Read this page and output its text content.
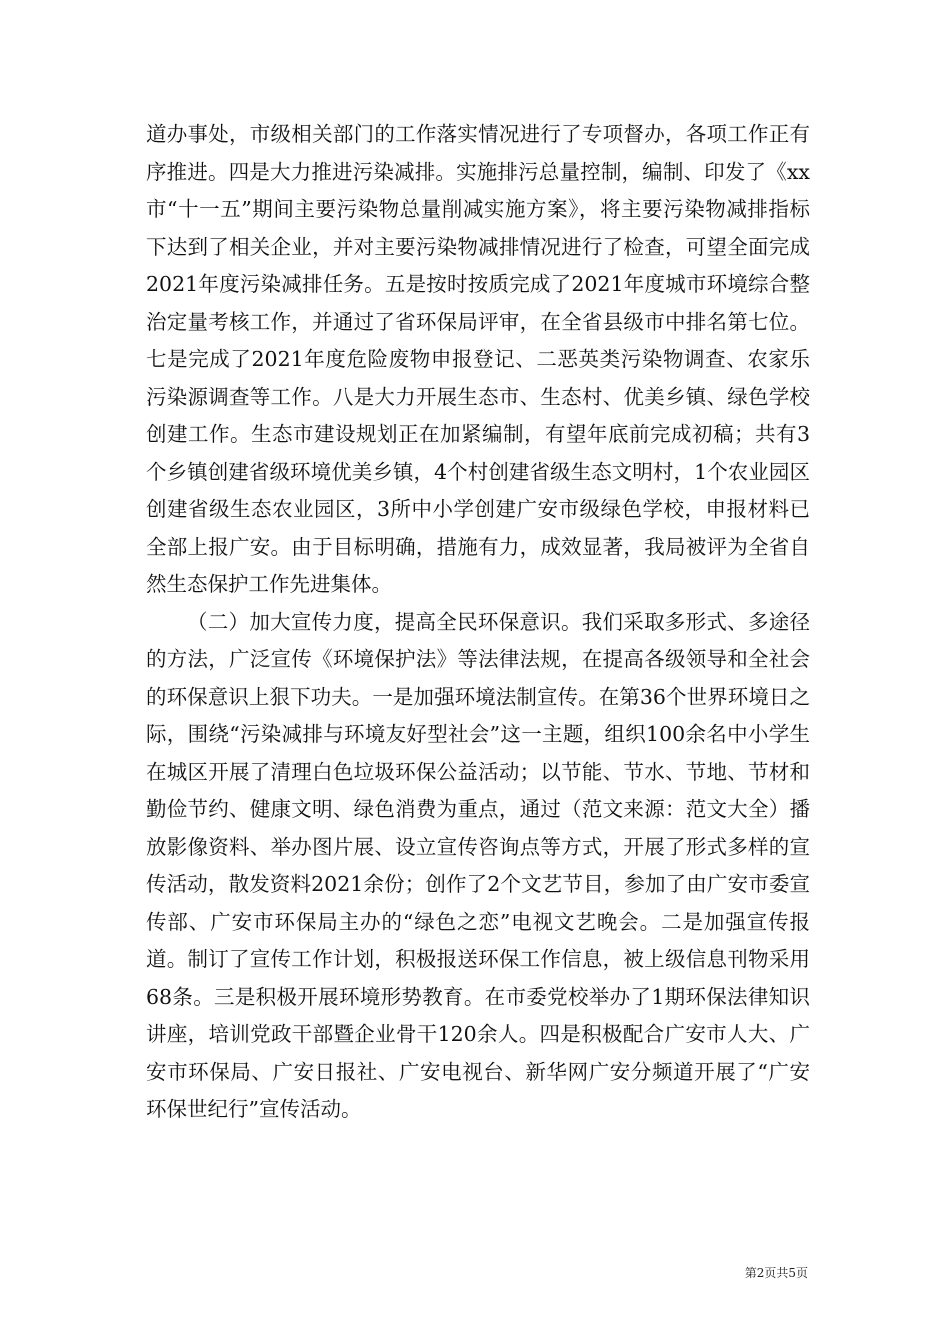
道办事处，市级相关部门的工作落实情况进行了专项督办，各项工作正有序推进。四是大力推进污染减排。实施排污总量控制，编制、印发了《xx市“十一五”期间主要污染物总量削减实施方案》，将主要污染物减排指标下达到了相关企业，并对主要污染物减排情况进行了检查，可望全面完成2021年度污染减排任务。五是按时按质完成了2021年度城市环境综合整治定量考核工作，并通过了省环保局评审，在全省县级市中排名第七位。七是完成了2021年度危险废物申报登记、二恶英类污染物调查、农家乐污染源调查等工作。八是大力开展生态市、生态村、优美乡镇、绿色学校创建工作。生态市建设规划正在加紧编制，有望年底前完成初稿；共有3个乡镇创建省级环境优美乡镇，4个村创建省级生态文明村，1个农业园区创建省级生态农业园区，3所中小学创建广安市级绿色学校，申报材料已全部上报广安。由于目标明确，措施有力，成效显著，我局被评为全省自然生态保护工作先进集体。

（二）加大宣传力度，提高全民环保意识。我们采取多形式、多途径的方法，广泛宣传《环境保护法》等法律法规，在提高各级领导和全社会的环保意识上狠下功夫。一是加强环境法制宣传。在第36个世界环境日之际，围绕“污染减排与环境友好型社会”这一主题，组织100余名中小学生在城区开展了清理白色垃圾环保公益活动；以节能、节水、节地、节材和勤俭节约、健康文明、绿色消费为重点，通过（范文来源：范文大全）播放影像资料、举办图片展、设立宣传咨询点等方式，开展了形式多样的宣传活动，散发资料2021余份；创作了2个文艺节目，参加了由广安市委宣传部、广安市环保局主办的“绿色之恋”电视文艺晚会。二是加强宣传报道。制订了宣传工作计划，积极报送环保工作信息，被上级信息刊物采用68条。三是积极开展环境形势教育。在市委党校举办了1期环保法律知识讲座，培训党政干部暨企业骨干120余人。四是积极配合广安市人大、广安市环保局、广安日报社、广安电视台、新华网广安分频道开展了“广安环保世纪行”宣传活动。

第2页共5页
